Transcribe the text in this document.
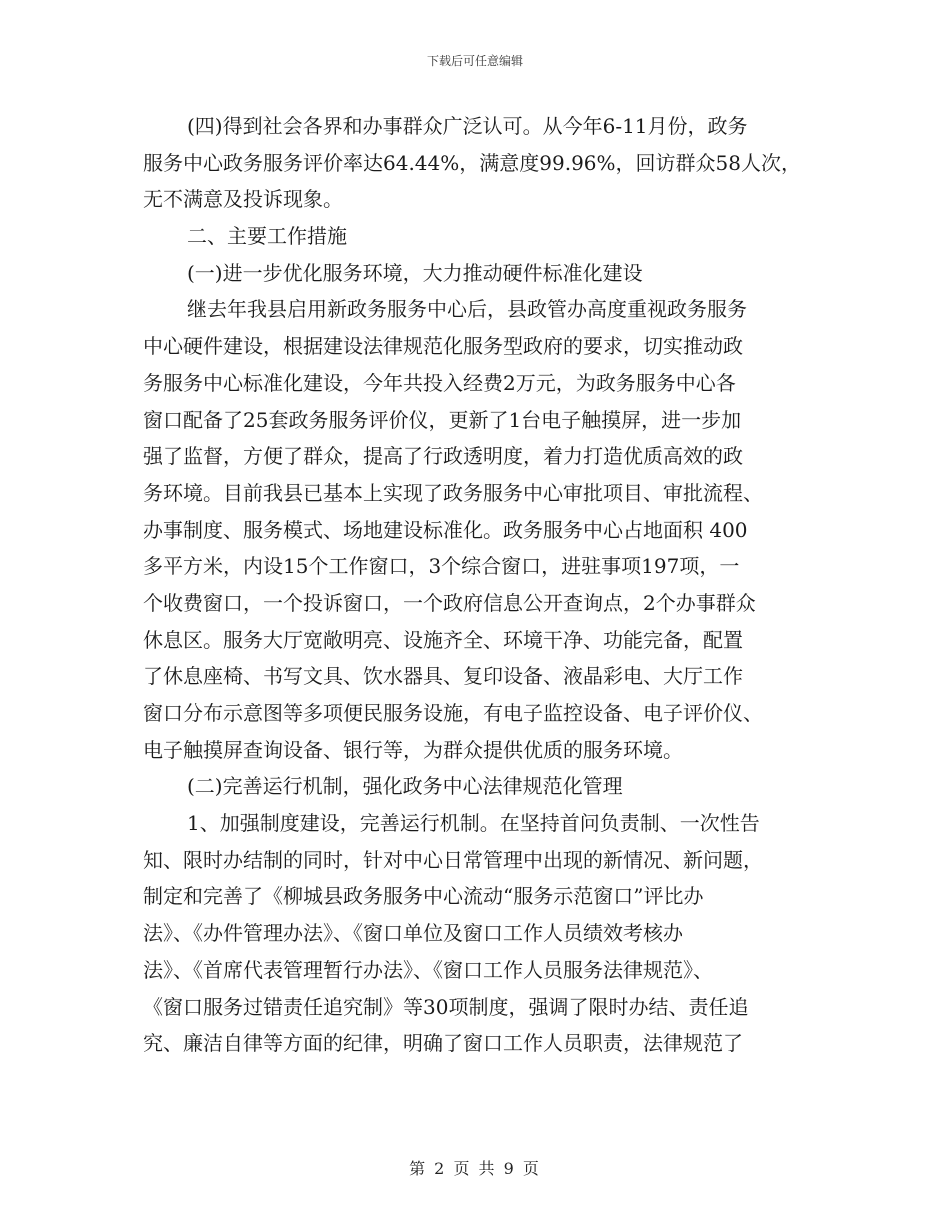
下载后可任意编辑
(四)得到社会各界和办事群众广泛认可。从今年6-11月份，政务
服务中心政务服务评价率达64.44%，满意度99.96%，回访群众58人次，
无不满意及投诉现象。
二、主要工作措施
(一)进一步优化服务环境，大力推动硬件标准化建设
继去年我县启用新政务服务中心后，县政管办高度重视政务服务
中心硬件建设，根据建设法律规范化服务型政府的要求，切实推动政
务服务中心标准化建设，今年共投入经费2万元，为政务服务中心各
窗口配备了25套政务服务评价仪，更新了1台电子触摸屏，进一步加
强了监督，方便了群众，提高了行政透明度，着力打造优质高效的政
务环境。目前我县已基本上实现了政务服务中心审批项目、审批流程、
办事制度、服务模式、场地建设标准化。政务服务中心占地面积 400
多平方米，内设15个工作窗口，3个综合窗口，进驻事项197项，一
个收费窗口，一个投诉窗口，一个政府信息公开查询点，2个办事群众
休息区。服务大厅宽敞明亮、设施齐全、环境干净、功能完备，配置
了休息座椅、书写文具、饮水器具、复印设备、液晶彩电、大厅工作
窗口分布示意图等多项便民服务设施，有电子监控设备、电子评价仪、
电子触摸屏查询设备、银行等，为群众提供优质的服务环境。
(二)完善运行机制，强化政务中心法律规范化管理
1、加强制度建设，完善运行机制。在坚持首问负责制、一次性告
知、限时办结制的同时，针对中心日常管理中出现的新情况、新问题，
制定和完善了《柳城县政务服务中心流动“服务示范窗口”评比办
法》、《办件管理办法》、《窗口单位及窗口工作人员绩效考核办
法》、《首席代表管理暂行办法》、《窗口工作人员服务法律规范》、
《窗口服务过错责任追究制》等30项制度，强调了限时办结、责任追
究、廉洁自律等方面的纪律，明确了窗口工作人员职责，法律规范了
第 2 页 共 9 页
